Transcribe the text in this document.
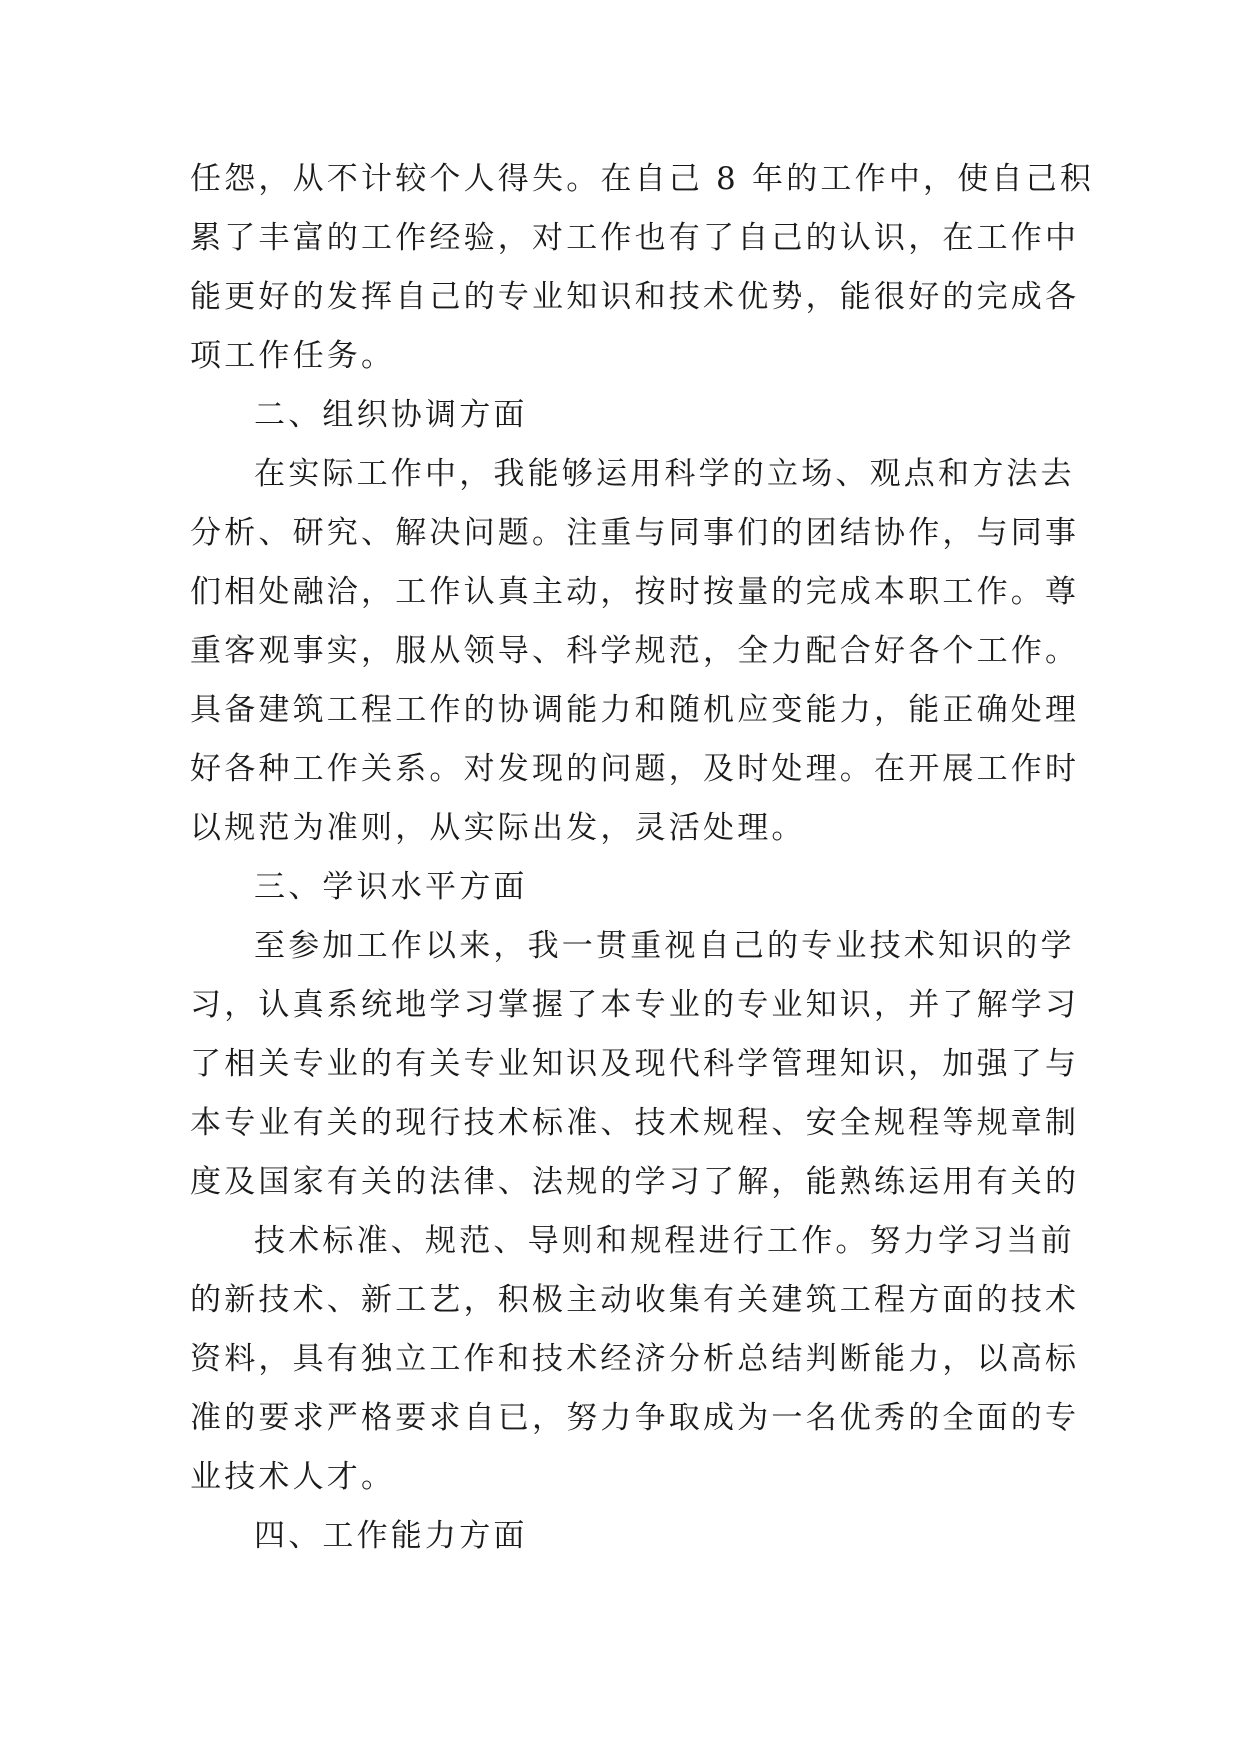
任怨，从不计较个人得失。在自己 8 年的工作中，使自己积
累了丰富的工作经验，对工作也有了自己的认识，在工作中
能更好的发挥自己的专业知识和技术优势，能很好的完成各
项工作任务。
二、组织协调方面
在实际工作中，我能够运用科学的立场、观点和方法去
分析、研究、解决问题。注重与同事们的团结协作，与同事
们相处融洽，工作认真主动，按时按量的完成本职工作。尊
重客观事实，服从领导、科学规范，全力配合好各个工作。
具备建筑工程工作的协调能力和随机应变能力，能正确处理
好各种工作关系。对发现的问题，及时处理。在开展工作时
以规范为准则，从实际出发，灵活处理。
三、学识水平方面
至参加工作以来，我一贯重视自己的专业技术知识的学
习，认真系统地学习掌握了本专业的专业知识，并了解学习
了相关专业的有关专业知识及现代科学管理知识，加强了与
本专业有关的现行技术标准、技术规程、安全规程等规章制
度及国家有关的法律、法规的学习了解，能熟练运用有关的
技术标准、规范、导则和规程进行工作。努力学习当前
的新技术、新工艺，积极主动收集有关建筑工程方面的技术
资料，具有独立工作和技术经济分析总结判断能力，以高标
准的要求严格要求自已，努力争取成为一名优秀的全面的专
业技术人才。
四、工作能力方面
